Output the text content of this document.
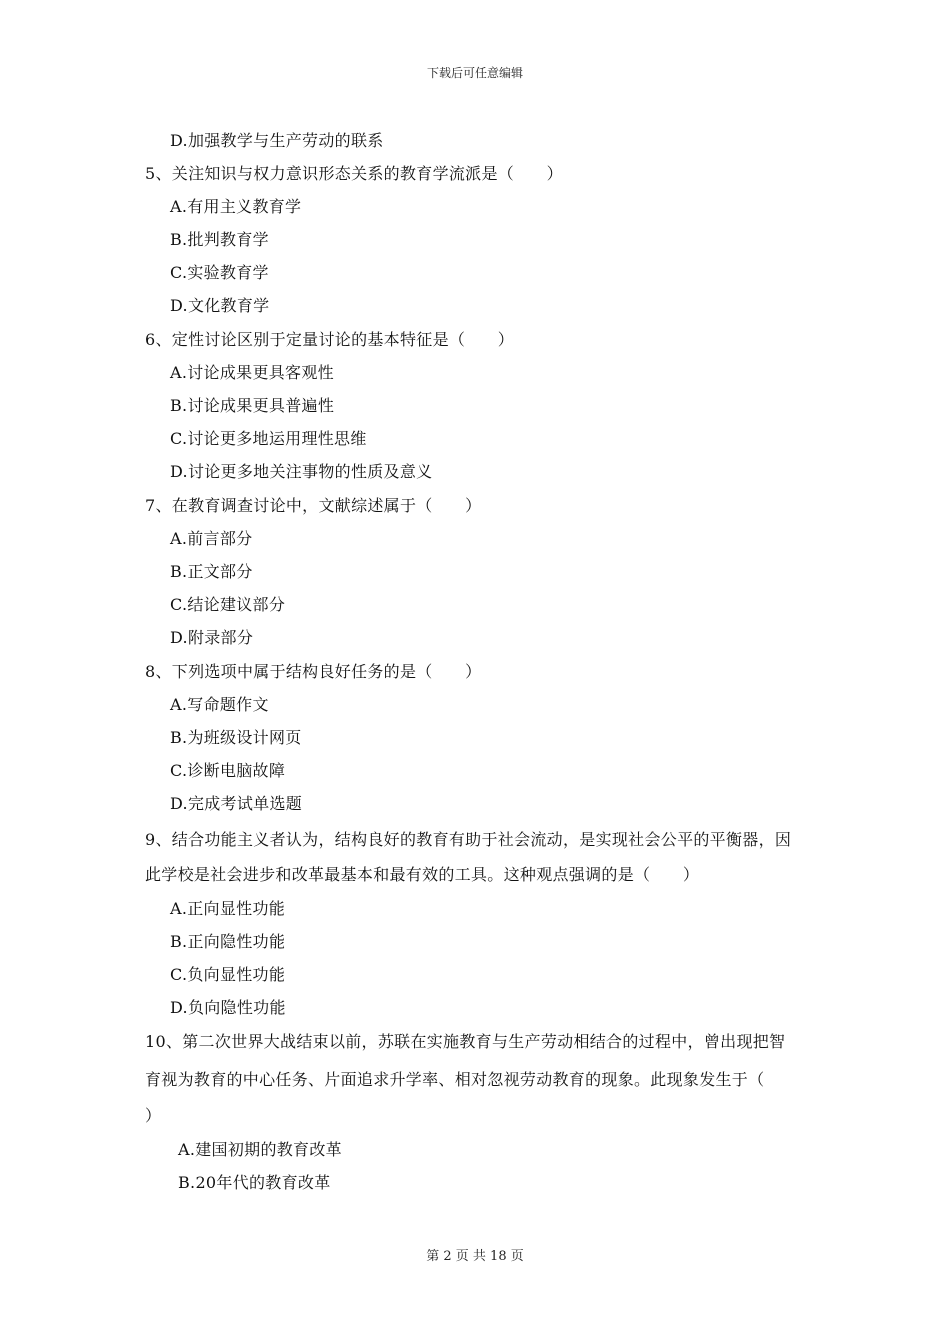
下载后可任意编辑
D.加强教学与生产劳动的联系
5、关注知识与权力意识形态关系的教育学流派是（　　）
A.有用主义教育学
B.批判教育学
C.实验教育学
D.文化教育学
6、定性讨论区别于定量讨论的基本特征是（　　）
A.讨论成果更具客观性
B.讨论成果更具普遍性
C.讨论更多地运用理性思维
D.讨论更多地关注事物的性质及意义
7、在教育调查讨论中，文献综述属于（　　）
A.前言部分
B.正文部分
C.结论建议部分
D.附录部分
8、下列选项中属于结构良好任务的是（　　）
A.写命题作文
B.为班级设计网页
C.诊断电脑故障
D.完成考试单选题
9、结合功能主义者认为，结构良好的教育有助于社会流动，是实现社会公平的平衡器，因
此学校是社会进步和改革最基本和最有效的工具。这种观点强调的是（　　）
A.正向显性功能
B.正向隐性功能
C.负向显性功能
D.负向隐性功能
10、第二次世界大战结束以前，苏联在实施教育与生产劳动相结合的过程中，曾出现把智
育视为教育的中心任务、片面追求升学率、相对忽视劳动教育的现象。此现象发生于（
）
A.建国初期的教育改革
B.20年代的教育改革
第 2 页 共 18 页
